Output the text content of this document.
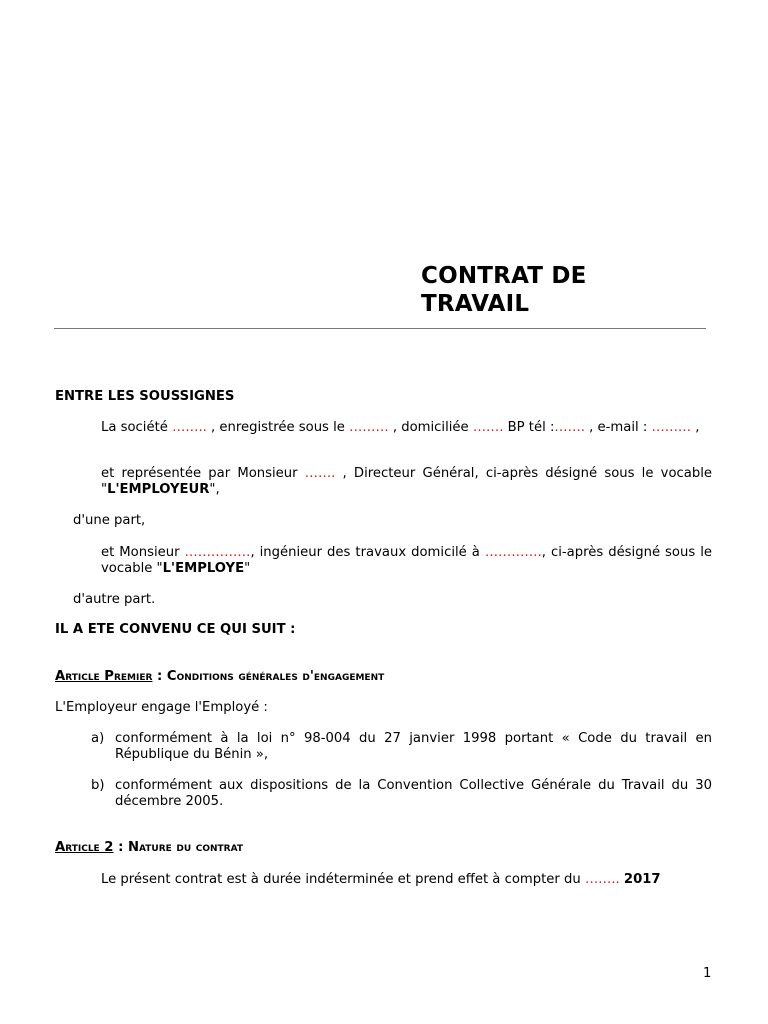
CONTRAT DE
TRAVAIL
ENTRE LES SOUSSIGNES
La société …….. , enregistrée sous le ……… , domiciliée ……. BP tél :……. , e-mail : ……… ,
et représentée par Monsieur ……. , Directeur Général, ci-après désigné sous le vocable "L'EMPLOYEUR",
d'une part,
et Monsieur ……………, ingénieur des travaux domicilé à …………., ci-après désigné sous le vocable "L'EMPLOYE"
d'autre part.
IL A ETE CONVENU CE QUI SUIT :
Article Premier : Conditions générales d'engagement
L'Employeur engage l'Employé :
a) conformément à la loi n° 98-004 du 27 janvier 1998 portant « Code du travail en République du Bénin »,
b) conformément aux dispositions de la Convention Collective Générale du Travail du 30 décembre 2005.
Article 2 : Nature du contrat
Le présent contrat est à durée indéterminée et prend effet à compter du …….. 2017
1
